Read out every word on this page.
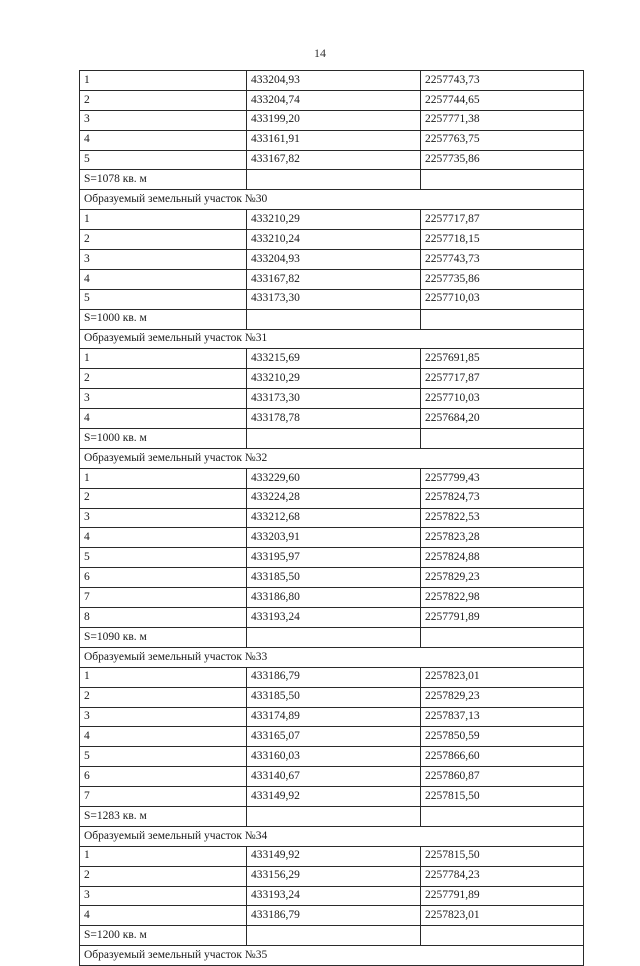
14
1	433204,93	2257743,73
2	433204,74	2257744,65
3	433199,20	2257771,38
4	433161,91	2257763,75
5	433167,82	2257735,86
S=1078 кв. м		
Образуемый земельный участок №30		
1	433210,29	2257717,87
2	433210,24	2257718,15
3	433204,93	2257743,73
4	433167,82	2257735,86
5	433173,30	2257710,03
S=1000 кв. м		
Образуемый земельный участок №31		
1	433215,69	2257691,85
2	433210,29	2257717,87
3	433173,30	2257710,03
4	433178,78	2257684,20
S=1000 кв. м		
Образуемый земельный участок №32		
1	433229,60	2257799,43
2	433224,28	2257824,73
3	433212,68	2257822,53
4	433203,91	2257823,28
5	433195,97	2257824,88
6	433185,50	2257829,23
7	433186,80	2257822,98
8	433193,24	2257791,89
S=1090 кв. м		
Образуемый земельный участок №33		
1	433186,79	2257823,01
2	433185,50	2257829,23
3	433174,89	2257837,13
4	433165,07	2257850,59
5	433160,03	2257866,60
6	433140,67	2257860,87
7	433149,92	2257815,50
S=1283 кв. м		
Образуемый земельный участок №34		
1	433149,92	2257815,50
2	433156,29	2257784,23
3	433193,24	2257791,89
4	433186,79	2257823,01
S=1200 кв. м		
Образуемый земельный участок №35		
